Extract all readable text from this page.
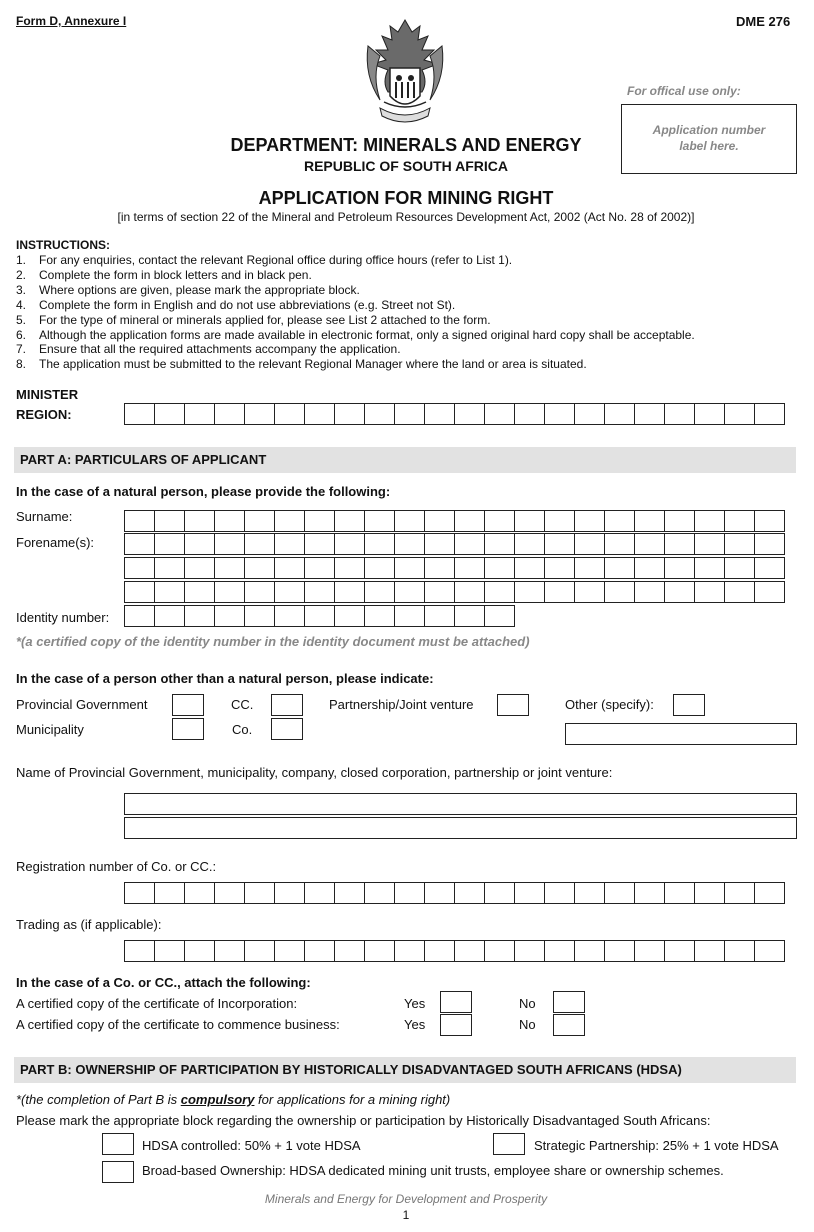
Form D, Annexure I	DME 276
For offical use only:
Application number
label here.
DEPARTMENT: MINERALS AND ENERGY
REPUBLIC OF SOUTH AFRICA
APPLICATION FOR MINING RIGHT
[in terms of section 22 of the Mineral and Petroleum Resources Development Act, 2002 (Act No. 28 of 2002)]
INSTRUCTIONS:
1.	For any enquiries, contact the relevant Regional office during office hours (refer to List 1).
2.	Complete the form in block letters and in black pen.
3.	Where options are given, please mark the appropriate block.
4.	Complete the form in English and do not use abbreviations (e.g. Street not St).
5.	For the type of mineral or minerals applied for, please see List 2 attached to the form.
6.	Although the application forms are made available in electronic format, only a signed original hard copy shall be acceptable.
7.	Ensure that all the required attachments accompany the application.
8.	The application must be submitted to the relevant Regional Manager where the land or area is situated.
MINISTER
REGION:
PART A: PARTICULARS OF APPLICANT
In the case of a natural person, please provide the following:
Surname:
Forename(s):
Identity number:
*(a certified copy of the identity number in the identity document must be attached)
In the case of a person other than a natural person, please indicate:
Provincial Government	CC.	Partnership/Joint venture	Other (specify):
Municipality	Co.
Name of Provincial Government, municipality, company, closed corporation, partnership or joint venture:
Registration number of Co. or CC.:
Trading as (if applicable):
In the case of a Co. or CC., attach the following:
A certified copy of the certificate of Incorporation:	Yes	No
A certified copy of the certificate to commence business:	Yes	No
PART B: OWNERSHIP OF PARTICIPATION BY HISTORICALLY DISADVANTAGED SOUTH AFRICANS (HDSA)
*(the completion of Part B is compulsory for applications for a mining right)
Please mark the appropriate block regarding the ownership or participation by Historically Disadvantaged South Africans:
HDSA controlled: 50% + 1 vote HDSA	Strategic Partnership: 25% + 1 vote HDSA
Broad-based Ownership: HDSA dedicated mining unit trusts, employee share or ownership schemes.
Minerals and Energy for Development and Prosperity
1
